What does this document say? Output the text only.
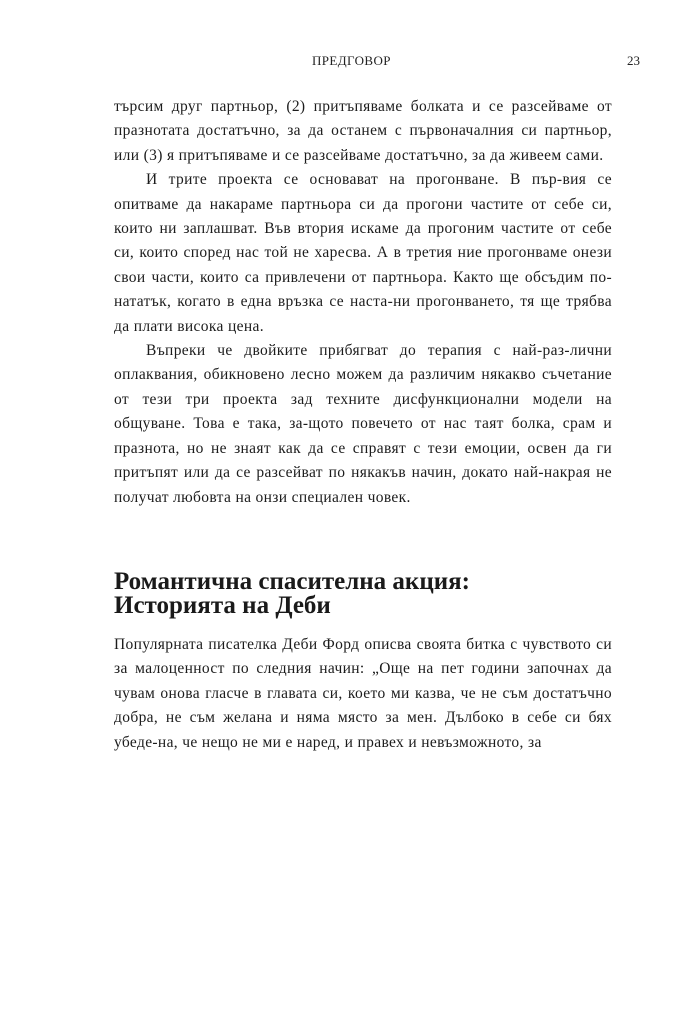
ПРЕДГОВОР	23

търсим друг партньор, (2) притъпяваме болката и се разсейваме от празнотата достатъчно, за да останем с първоначалния си партньор, или (3) я притъпяваме и се разсейваме достатъчно, за да живеем сами.

И трите проекта се основават на прогонване. В пър-вия се опитваме да накараме партньора си да прогони частите от себе си, които ни заплашват. Във втория искаме да прогоним частите от себе си, които според нас той не харесва. А в третия ние прогонваме онези свои части, които са привлечени от партньора. Както ще обсъдим по-нататък, когато в една връзка се наста-ни прогонването, тя ще трябва да плати висока цена.

Въпреки че двойките прибягват до терапия с най-раз-лични оплаквания, обикновено лесно можем да различим някакво съчетание от тези три проекта зад техните дисфункционални модели на общуване. Това е така, за-щото повечето от нас таят болка, срам и празнота, но не знаят как да се справят с тези емоции, освен да ги притъпят или да се разсейват по някакъв начин, докато най-накрая не получат любовта на онзи специален човек.

Романтична спасителна акция:
Историята на Деби

Популярната писателка Деби Форд описва своята битка с чувството си за малоценност по следния начин: „Още на пет години започнах да чувам онова гласче в главата си, което ми казва, че не съм достатъчно добра, не съм желана и няма място за мен. Дълбоко в себе си бях убеде-на, че нещо не ми е наред, и правех и невъзможното, за
